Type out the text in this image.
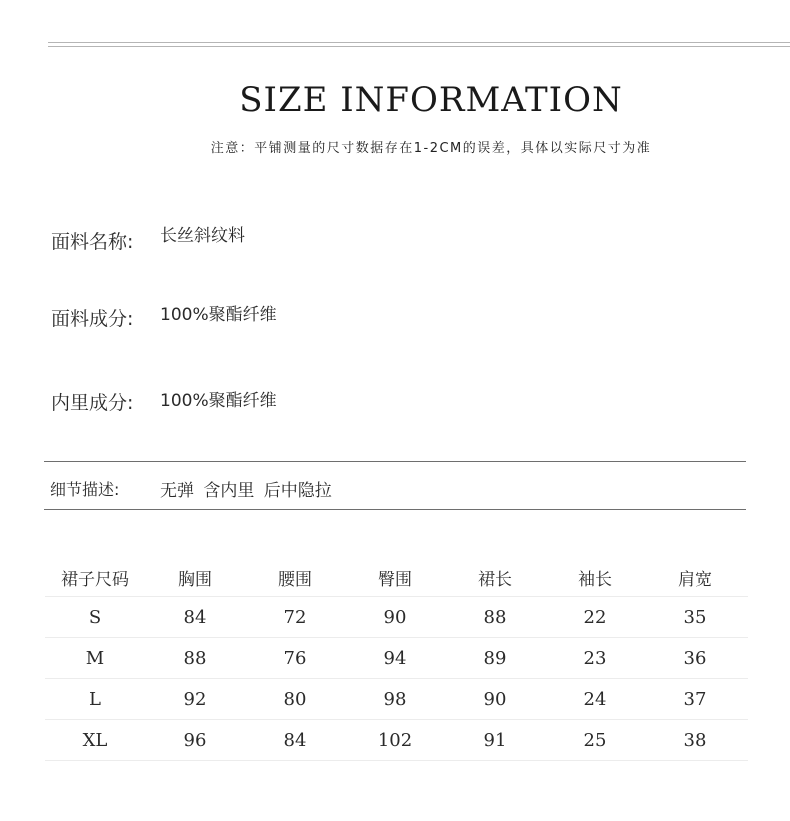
SIZE INFORMATION
注意：平铺测量的尺寸数据存在1-2CM的误差，具体以实际尺寸为准
面料名称: 长丝斜纹料
面料成分: 100%聚酯纤维
内里成分: 100%聚酯纤维
细节描述: 无弹 含内里 后中隐拉
裙子尺码	胸围	腰围	臀围	裙长	袖长	肩宽
S	84	72	90	88	22	35
M	88	76	94	89	23	36
L	92	80	98	90	24	37
XL	96	84	102	91	25	38
